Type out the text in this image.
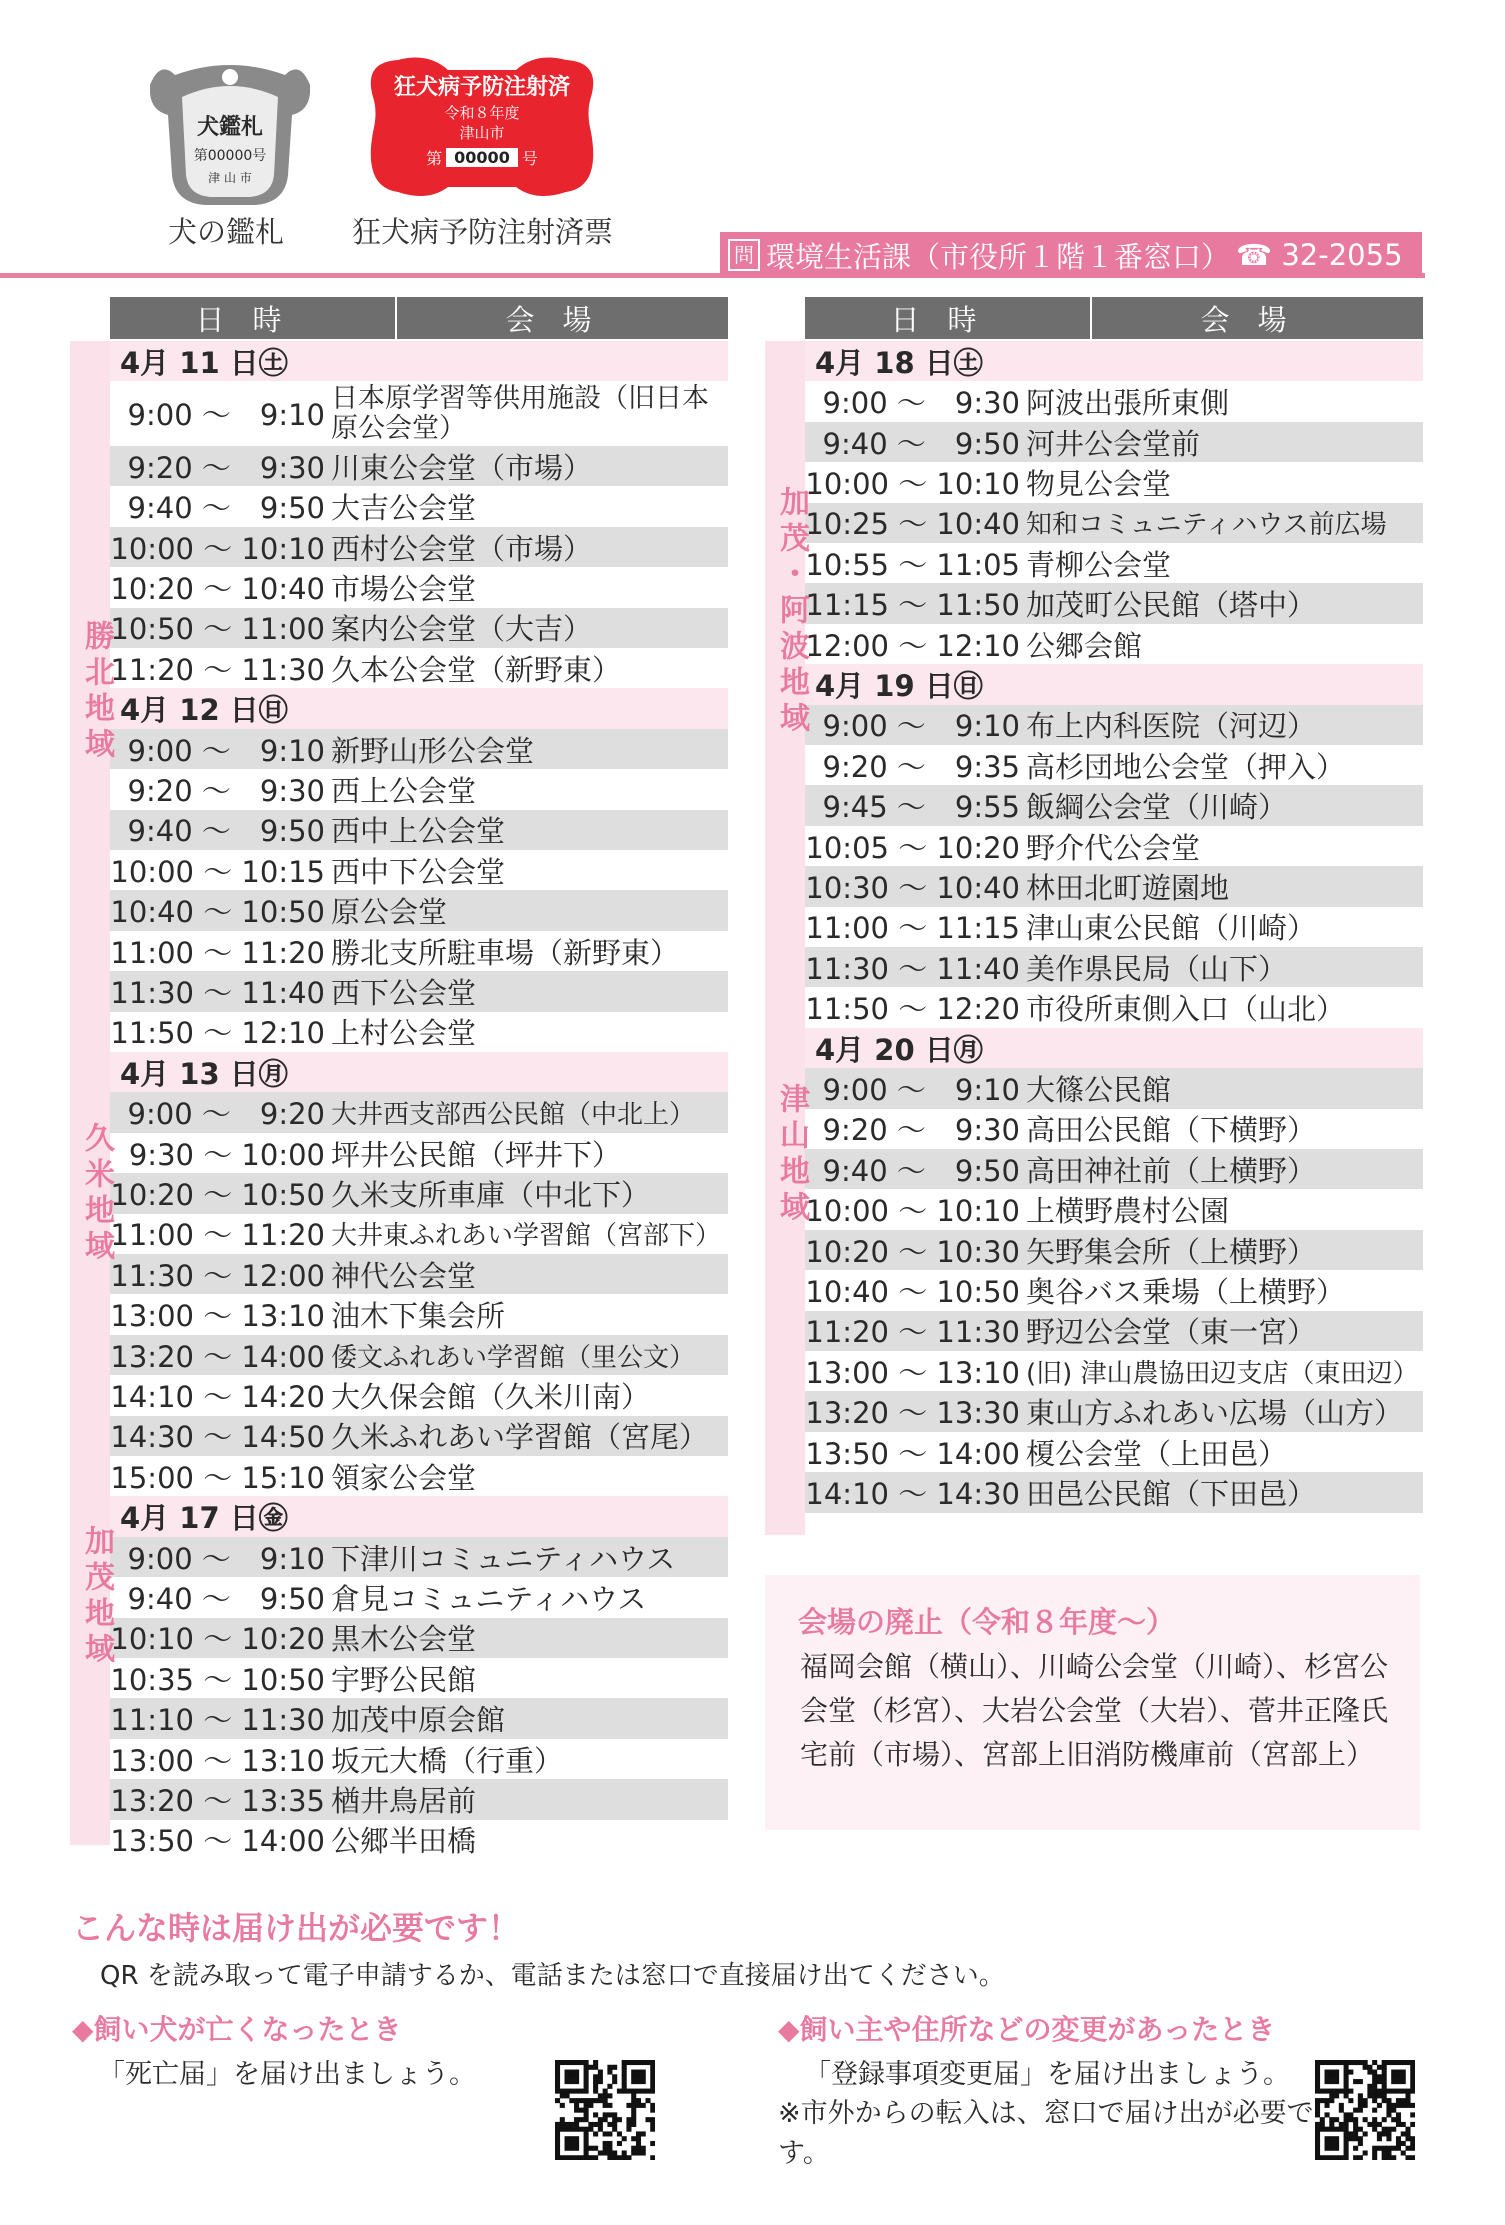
犬鑑札
第00000号
津 山 市
狂犬病予防注射済
令和８年度
津山市
第 00000 号
犬の鑑札 狂犬病予防注射済票
問 環境生活課（市役所１階１番窓口） ☎ 32-2055
日時	会場
4月 11 日㊏
9:00 ～　9:10 日本原学習等供用施設（旧日本原公会堂）
9:20 ～　9:30 川東公会堂（市場）
9:40 ～　9:50 大吉公会堂
10:00 ～ 10:10 西村公会堂（市場）
10:20 ～ 10:40 市場公会堂
10:50 ～ 11:00 案内公会堂（大吉）
11:20 ～ 11:30 久本公会堂（新野東）
4月 12 日㊐
9:00 ～　9:10 新野山形公会堂
9:20 ～　9:30 西上公会堂
9:40 ～　9:50 西中上公会堂
10:00 ～ 10:15 西中下公会堂
10:40 ～ 10:50 原公会堂
11:00 ～ 11:20 勝北支所駐車場（新野東）
11:30 ～ 11:40 西下公会堂
11:50 ～ 12:10 上村公会堂
4月 13 日㊊
9:00 ～　9:20 大井西支部西公民館（中北上）
9:30 ～ 10:00 坪井公民館（坪井下）
10:20 ～ 10:50 久米支所車庫（中北下）
11:00 ～ 11:20 大井東ふれあい学習館（宮部下）
11:30 ～ 12:00 神代公会堂
13:00 ～ 13:10 油木下集会所
13:20 ～ 14:00 倭文ふれあい学習館（里公文）
14:10 ～ 14:20 大久保会館（久米川南）
14:30 ～ 14:50 久米ふれあい学習館（宮尾）
15:00 ～ 15:10 領家公会堂
4月 17 日㊎
9:00 ～　9:10 下津川コミュニティハウス
9:40 ～　9:50 倉見コミュニティハウス
10:10 ～ 10:20 黒木公会堂
10:35 ～ 10:50 宇野公民館
11:10 ～ 11:30 加茂中原会館
13:00 ～ 13:10 坂元大橋（行重）
13:20 ～ 13:35 楢井鳥居前
13:50 ～ 14:00 公郷半田橋
勝北地域
久米地域
加茂地域
日時	会場
4月 18 日㊏
9:00 ～　9:30 阿波出張所東側
9:40 ～　9:50 河井公会堂前
10:00 ～ 10:10 物見公会堂
10:25 ～ 10:40 知和コミュニティハウス前広場
10:55 ～ 11:05 青柳公会堂
11:15 ～ 11:50 加茂町公民館（塔中）
12:00 ～ 12:10 公郷会館
4月 19 日㊐
9:00 ～　9:10 布上内科医院（河辺）
9:20 ～　9:35 高杉団地公会堂（押入）
9:45 ～　9:55 飯綱公会堂（川崎）
10:05 ～ 10:20 野介代公会堂
10:30 ～ 10:40 林田北町遊園地
11:00 ～ 11:15 津山東公民館（川崎）
11:30 ～ 11:40 美作県民局（山下）
11:50 ～ 12:20 市役所東側入口（山北）
4月 20 日㊊
9:00 ～　9:10 大篠公民館
9:20 ～　9:30 高田公民館（下横野）
9:40 ～　9:50 高田神社前（上横野）
10:00 ～ 10:10 上横野農村公園
10:20 ～ 10:30 矢野集会所（上横野）
10:40 ～ 10:50 奥谷バス乗場（上横野）
11:20 ～ 11:30 野辺公会堂（東一宮）
13:00 ～ 13:10 (旧) 津山農協田辺支店（東田辺）
13:20 ～ 13:30 東山方ふれあい広場（山方）
13:50 ～ 14:00 榎公会堂（上田邑）
14:10 ～ 14:30 田邑公民館（下田邑）
加茂・阿波地域
津山地域
会場の廃止（令和８年度～）
福岡会館（横山）、川崎公会堂（川崎）、杉宮公会堂（杉宮）、大岩公会堂（大岩）、菅井正隆氏宅前（市場）、宮部上旧消防機庫前（宮部上）
こんな時は届け出が必要です！
QR を読み取って電子申請するか、電話または窓口で直接届け出てください。
◆飼い犬が亡くなったとき
「死亡届」を届け出ましょう。
◆飼い主や住所などの変更があったとき
「登録事項変更届」を届け出ましょう。
※市外からの転入は、窓口で届け出が必要です。
